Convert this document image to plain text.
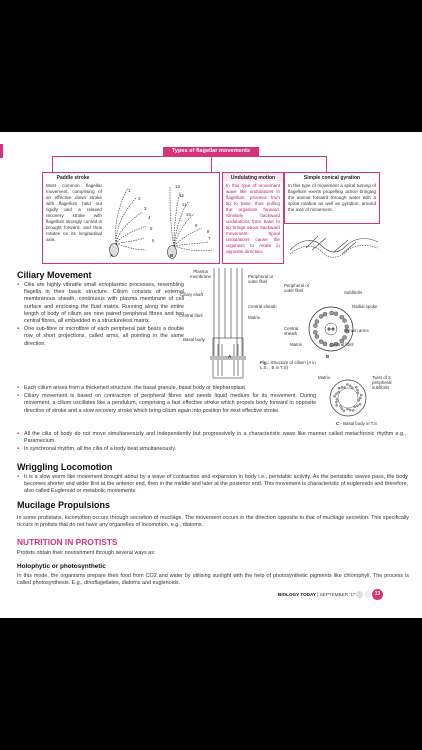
Types of flagellar movements
Paddle stroke
Most common flagellar movement, comprising of an effective down stroke with flagellum held out rigidly and a relaxed recovery stroke with flagellum strongly curved is brought forward, and thus rotates on its longitudinal axis.
1
2
3
4
5
6	7
8
9
10
11
12
13
A	B
Undulating motion
In this type of movement wave like undulations in flagellum, proceed from tip to base, thus pulling the organism forward. Similarly backward undulations from base to tip brings about backward movement. Spiral undulations cause the organism to rotate in opposite direction.
Simple conical gyration
In this type of movement a spiral turning of flagellum exerts propelling action bringing the animal forward through water with a spiral rotation as well as gyration, around the axis of movement.
Ciliary Movement
▪ Cilia are highly vibratile small ectoplasmic processes, resembling flagella in their basic structure. Cilium consists of external membranous sheath, continuous with plasma membrane of cell surface and enclosing the fluid matrix. Running along the entire length of body of cilium are nine paired peripheral fibres and two central fibres, all embedded in a structureless matrix.
▪ One sub-fibre or microfibre of each peripheral pair bears a double row of short projections, called arms, all pointing in the same direction.
▪ Each cilium arises from a thickened structure, the basal granule, basal body or blepharoplast.
▪ Ciliary movement is based on contraction of peripheral fibres and needs liquid medium for its movement. During movement, a cilium oscillates like a pendulum, comprising a fast effective stroke which propels body forward in opposite direction of stroke and a slow recovery stroke which bring cilium again into position for next effective stroke.
▪ All the cilia of body do not move simultaneously and independently but progressively in a characteristic wave like manner called metachronic rhythm e.g., Paramecium.
▪ In synchronal rhythm, all the cilia of a body beat simultaneously.
Plasma membrane
Ciliary shaft
Central fibril
Basal body
Peripheral or outer fibril
Central sheath
Matrix
A
Peripheral or outer fibril	Subfibrils
Radial spoke
Central sheath
Dynein arms
Matrix	Central fibril
B
Fig.: Structure of cilium (A in L.S. , B in T.S)
Matrix	Twist of 3 peripheral subfibrils
C - Basal body in T.S.
Wriggling Locomotion
▪ It is a slow worm like movement brought about by a wave of contraction and expansion in body i.e., peristaltic activity. As the peristaltic waves pass, the body becomes shorter and wider first at the anterior end, then in the middle and later at the posterior end. This movement is characteristic of euglenoids and therefore, also called Euglenoid or metabolic movements.
Mucilage Propulsions

In some protistans, locomotion occurs through secretion of mucilage. The movement occurs in the direction opposite to that of mucilage secretion. This specifically occurs in protists that do not have any organelles of locomotion, e.g., diatoms.

NUTRITION IN PROTISTS

Protists obtain their nourishment through several ways as:

Holophytic or photosynthetic

In this mode, the organisms prepare their food from CO2 and water by utilising sunlight with the help of photosynthetic pigments like chlorophyll. The process is called photosynthesis. E.g., dinoflagellates, diatoms and euglenoids.

BIOLOGY TODAY | SEPTEMBER '17	13
